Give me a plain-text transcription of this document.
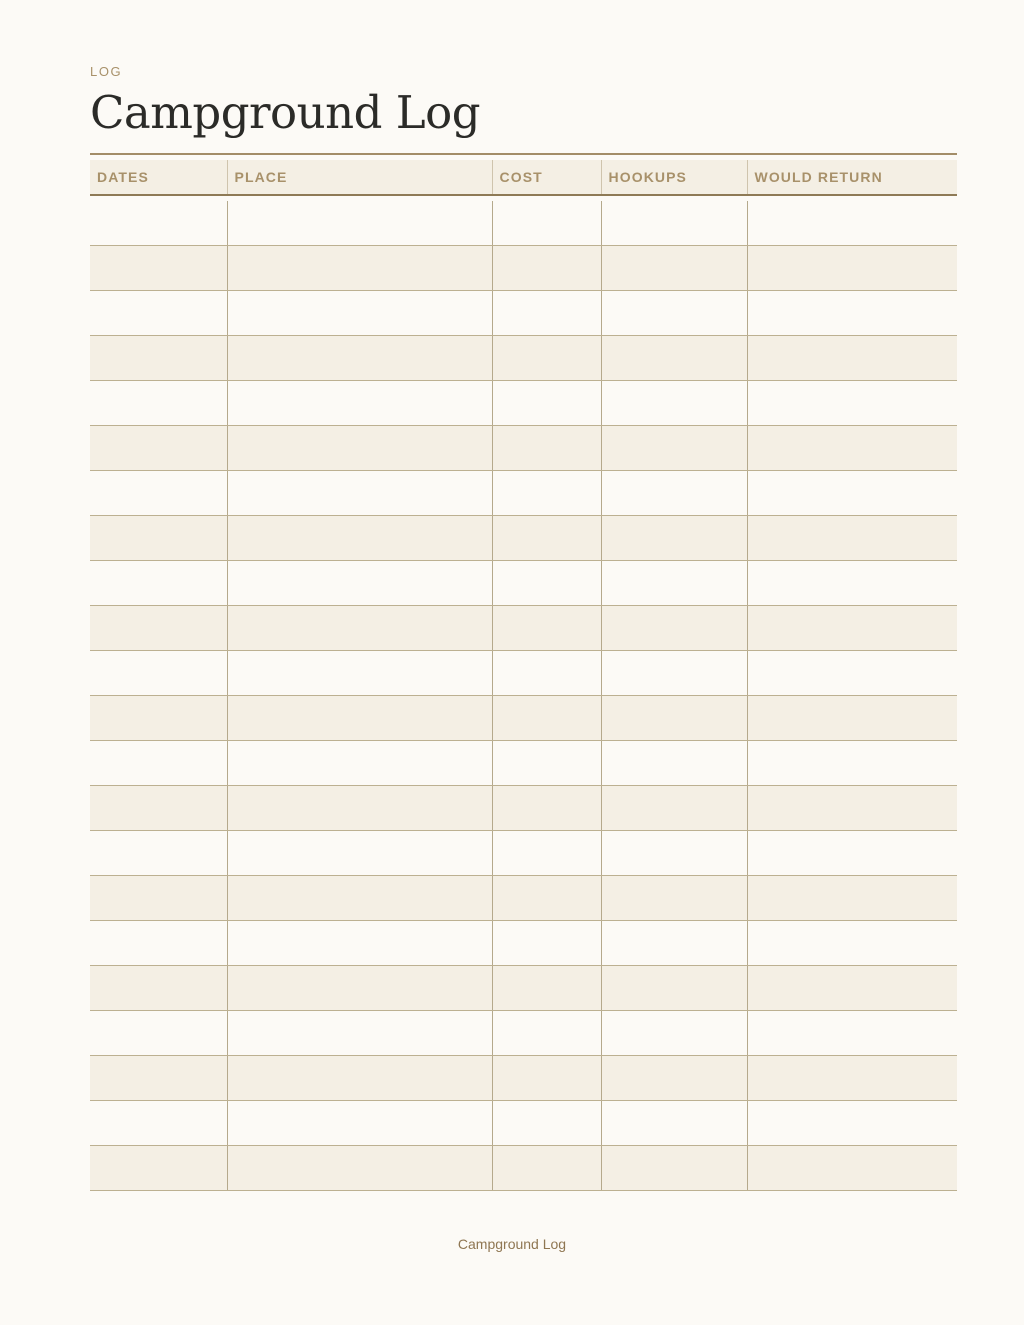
LOG
Campground Log
DATES	PLACE	COST	HOOKUPS	WOULD RETURN

Campground Log
